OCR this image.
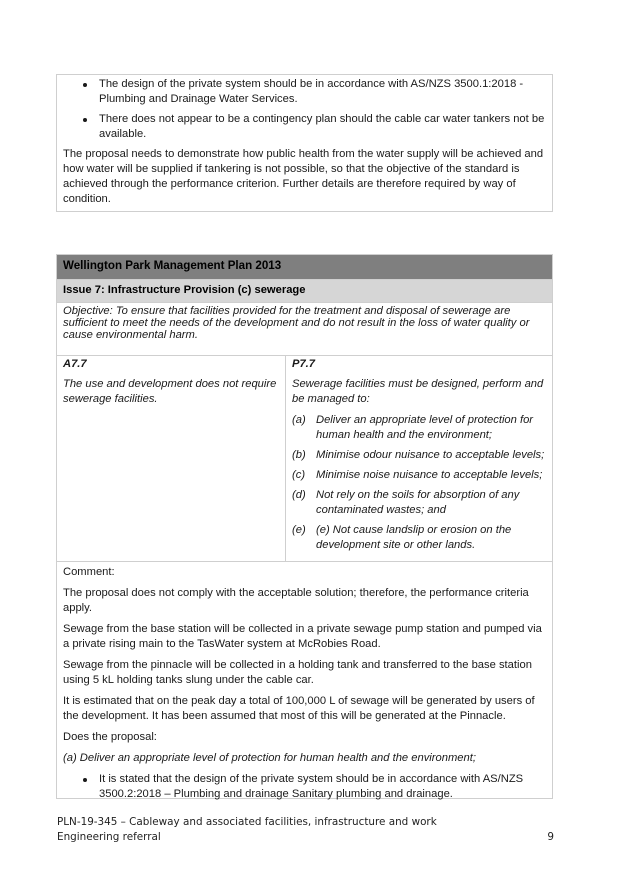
The design of the private system should be in accordance with AS/NZS 3500.1:2018 - Plumbing and Drainage Water Services.
There does not appear to be a contingency plan should the cable car water tankers not be available.

The proposal needs to demonstrate how public health from the water supply will be achieved and how water will be supplied if tankering is not possible, so that the objective of the standard is achieved through the performance criterion. Further details are therefore required by way of condition.

Wellington Park Management Plan 2013
Issue 7: Infrastructure Provision (c) sewerage
Objective: To ensure that facilities provided for the treatment and disposal of sewerage are sufficient to meet the needs of the development and do not result in the loss of water quality or cause environmental harm.
A7.7

The use and development does not require sewerage facilities.

P7.7

Sewerage facilities must be designed, perform and be managed to:

(a) Deliver an appropriate level of protection for human health and the environment;
(b) Minimise odour nuisance to acceptable levels;
(c) Minimise noise nuisance to acceptable levels;
(d) Not rely on the soils for absorption of any contaminated wastes; and
(e) (e) Not cause landslip or erosion on the development site or other lands.

Comment:

The proposal does not comply with the acceptable solution; therefore, the performance criteria apply.

Sewage from the base station will be collected in a private sewage pump station and pumped via a private rising main to the TasWater system at McRobies Road.

Sewage from the pinnacle will be collected in a holding tank and transferred to the base station using 5 kL holding tanks slung under the cable car.

It is estimated that on the peak day a total of 100,000 L of sewage will be generated by users of the development. It has been assumed that most of this will be generated at the Pinnacle.

Does the proposal:

(a) Deliver an appropriate level of protection for human health and the environment;

It is stated that the design of the private system should be in accordance with AS/NZS 3500.2:2018 – Plumbing and drainage Sanitary plumbing and drainage.
PLN-19-345 – Cableway and associated facilities, infrastructure and work
Engineering referral	9
